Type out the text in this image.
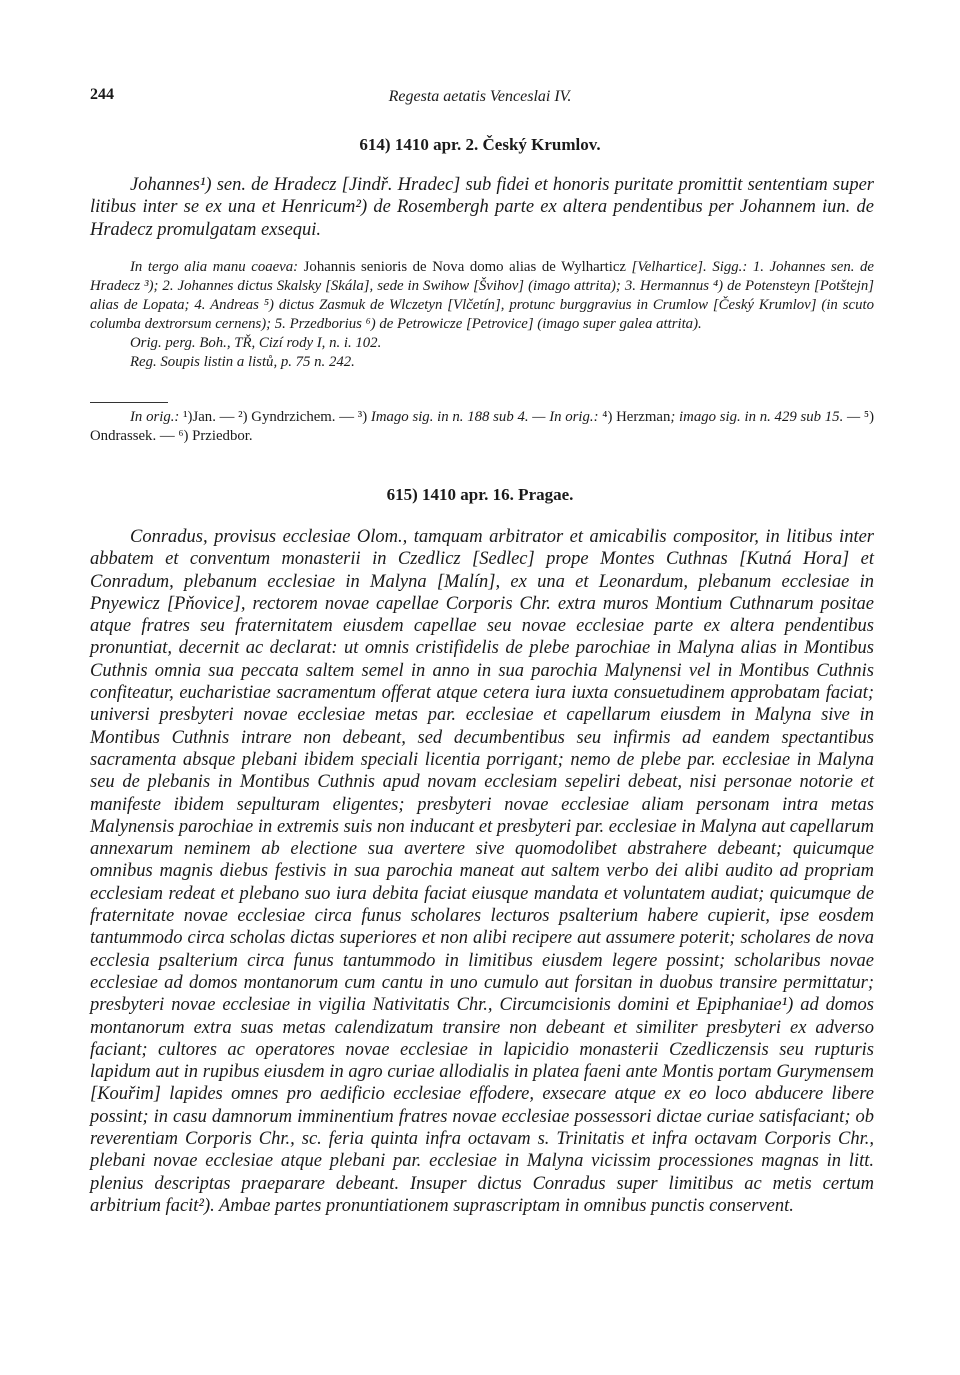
244	Regesta aetatis Venceslai IV.
614) 1410 apr. 2. Český Krumlov.

Johannes¹) sen. de Hradecz [Jindř. Hradec] sub fidei et honoris puritate promittit sententiam super litibus inter se ex una et Henricum²) de Rosembergh parte ex altera pendentibus per Johannem iun. de Hradecz promulgatam exsequi.

In tergo alia manu coaeva: Johannis senioris de Nova domo alias de Wylharticz [Velhartice]. Sigg.: 1. Johannes sen. de Hradecz ³); 2. Johannes dictus Skalsky [Skála], sede in Swihow [Švihov] (imago attrita); 3. Hermannus ⁴) de Potensteyn [Potštejn] alias de Lopata; 4. Andreas ⁵) dictus Zasmuk de Wlczetyn [Vlčetín], protunc burggravius in Crumlow [Český Krumlov] (in scuto columba dextrorsum cernens); 5. Przedborius ⁶) de Petrowicze [Petrovice] (imago super galea attrita).

Orig. perg. Boh., TŘ, Cizí rody I, n. i. 102.

Reg. Soupis listin a listů, p. 75 n. 242.

In orig.: ¹)Jan. — ²) Gyndrzichem. — ³) Imago sig. in n. 188 sub 4. — In orig.: ⁴) Herzman; imago sig. in n. 429 sub 15. — ⁵) Ondrassek. — ⁶) Prziedbor.

615) 1410 apr. 16. Pragae.

Conradus, provisus ecclesiae Olom., tamquam arbitrator et amicabilis compositor, in litibus inter abbatem et conventum monasterii in Czedlicz [Sedlec] prope Montes Cuthnas [Kutná Hora] et Conradum, plebanum ecclesiae in Malyna [Malín], ex una et Leonardum, plebanum ecclesiae in Pnyewicz [Pňovice], rectorem novae capellae Corporis Chr. extra muros Montium Cuthnarum positae atque fratres seu fraternitatem eiusdem capellae seu novae ecclesiae parte ex altera pendentibus pronuntiat, decernit ac declarat: ut omnis cristifidelis de plebe parochiae in Malyna alias in Montibus Cuthnis omnia sua peccata saltem semel in anno in sua parochia Malynensi vel in Montibus Cuthnis confiteatur, eucharistiae sacramentum offerat atque cetera iura iuxta consuetudinem approbatam faciat; universi presbyteri novae ecclesiae metas par. ecclesiae et capellarum eiusdem in Malyna sive in Montibus Cuthnis intrare non debeant, sed decumbentibus seu infirmis ad eandem spectantibus sacramenta absque plebani ibidem speciali licentia porrigant; nemo de plebe par. ecclesiae in Malyna seu de plebanis in Montibus Cuthnis apud novam ecclesiam sepeliri debeat, nisi personae notorie et manifeste ibidem sepulturam eligentes; presbyteri novae ecclesiae aliam personam intra metas Malynensis parochiae in extremis suis non inducant et presbyteri par. ecclesiae in Malyna aut capellarum annexarum neminem ab electione sua avertere sive quomodolibet abstrahere debeant; quicumque omnibus magnis diebus festivis in sua parochia maneat aut saltem verbo dei alibi audito ad propriam ecclesiam redeat et plebano suo iura debita faciat eiusque mandata et voluntatem audiat; quicumque de fraternitate novae ecclesiae circa funus scholares lecturos psalterium habere cupierit, ipse eosdem tantummodo circa scholas dictas superiores et non alibi recipere aut assumere poterit; scholares de nova ecclesia psalterium circa funus tantummodo in limitibus eiusdem legere possint; scholaribus novae ecclesiae ad domos montanorum cum cantu in uno cumulo aut forsitan in duobus transire permittatur; presbyteri novae ecclesiae in vigilia Nativitatis Chr., Circumcisionis domini et Epiphaniae¹) ad domos montanorum extra suas metas calendizatum transire non debeant et similiter presbyteri ex adverso faciant; cultores ac operatores novae ecclesiae in lapicidio monasterii Czedliczensis seu rupturis lapidum aut in rupibus eiusdem in agro curiae allodialis in platea faeni ante Montis portam Gurymensem [Kouřim] lapides omnes pro aedificio ecclesiae effodere, exsecare atque ex eo loco abducere libere possint; in casu damnorum imminentium fratres novae ecclesiae possessori dictae curiae satisfaciant; ob reverentiam Corporis Chr., sc. feria quinta infra octavam s. Trinitatis et infra octavam Corporis Chr., plebani novae ecclesiae atque plebani par. ecclesiae in Malyna vicissim processiones magnas in litt. plenius descriptas praeparare debeant. Insuper dictus Conradus super limitibus ac metis certum arbitrium facit²). Ambae partes pronuntiationem suprascriptam in omnibus punctis conservent.
